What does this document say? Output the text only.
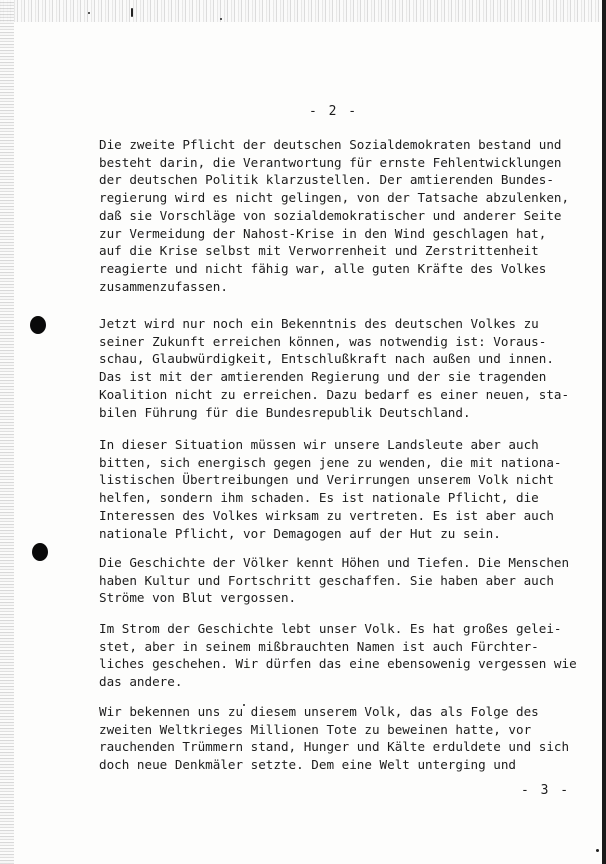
- 2 -

Die zweite Pflicht der deutschen Sozialdemokraten bestand und
besteht darin, die Verantwortung für ernste Fehlentwicklungen
der deutschen Politik klarzustellen. Der amtierenden Bundes-
regierung wird es nicht gelingen, von der Tatsache abzulenken,
daß sie Vorschläge von sozialdemokratischer und anderer Seite
zur Vermeidung der Nahost-Krise in den Wind geschlagen hat,
auf die Krise selbst mit Verworrenheit und Zerstrittenheit
reagierte und nicht fähig war, alle guten Kräfte des Volkes
zusammenzufassen.

Jetzt wird nur noch ein Bekenntnis des deutschen Volkes zu
seiner Zukunft erreichen können, was notwendig ist: Voraus-
schau, Glaubwürdigkeit, Entschlußkraft nach außen und innen.
Das ist mit der amtierenden Regierung und der sie tragenden
Koalition nicht zu erreichen. Dazu bedarf es einer neuen, sta-
bilen Führung für die Bundesrepublik Deutschland.

In dieser Situation müssen wir unsere Landsleute aber auch
bitten, sich energisch gegen jene zu wenden, die mit nationa-
listischen Übertreibungen und Verirrungen unserem Volk nicht
helfen, sondern ihm schaden. Es ist nationale Pflicht, die
Interessen des Volkes wirksam zu vertreten. Es ist aber auch
nationale Pflicht, vor Demagogen auf der Hut zu sein.

Die Geschichte der Völker kennt Höhen und Tiefen. Die Menschen
haben Kultur und Fortschritt geschaffen. Sie haben aber auch
Ströme von Blut vergossen.

Im Strom der Geschichte lebt unser Volk. Es hat großes gelei-
stet, aber in seinem mißbrauchten Namen ist auch Fürchter-
liches geschehen. Wir dürfen das eine ebensowenig vergessen wie
das andere.

Wir bekennen uns zu diesem unserem Volk, das als Folge des
zweiten Weltkrieges Millionen Tote zu beweinen hatte, vor
rauchenden Trümmern stand, Hunger und Kälte erduldete und sich
doch neue Denkmäler setzte. Dem eine Welt unterging und

- 3 -
